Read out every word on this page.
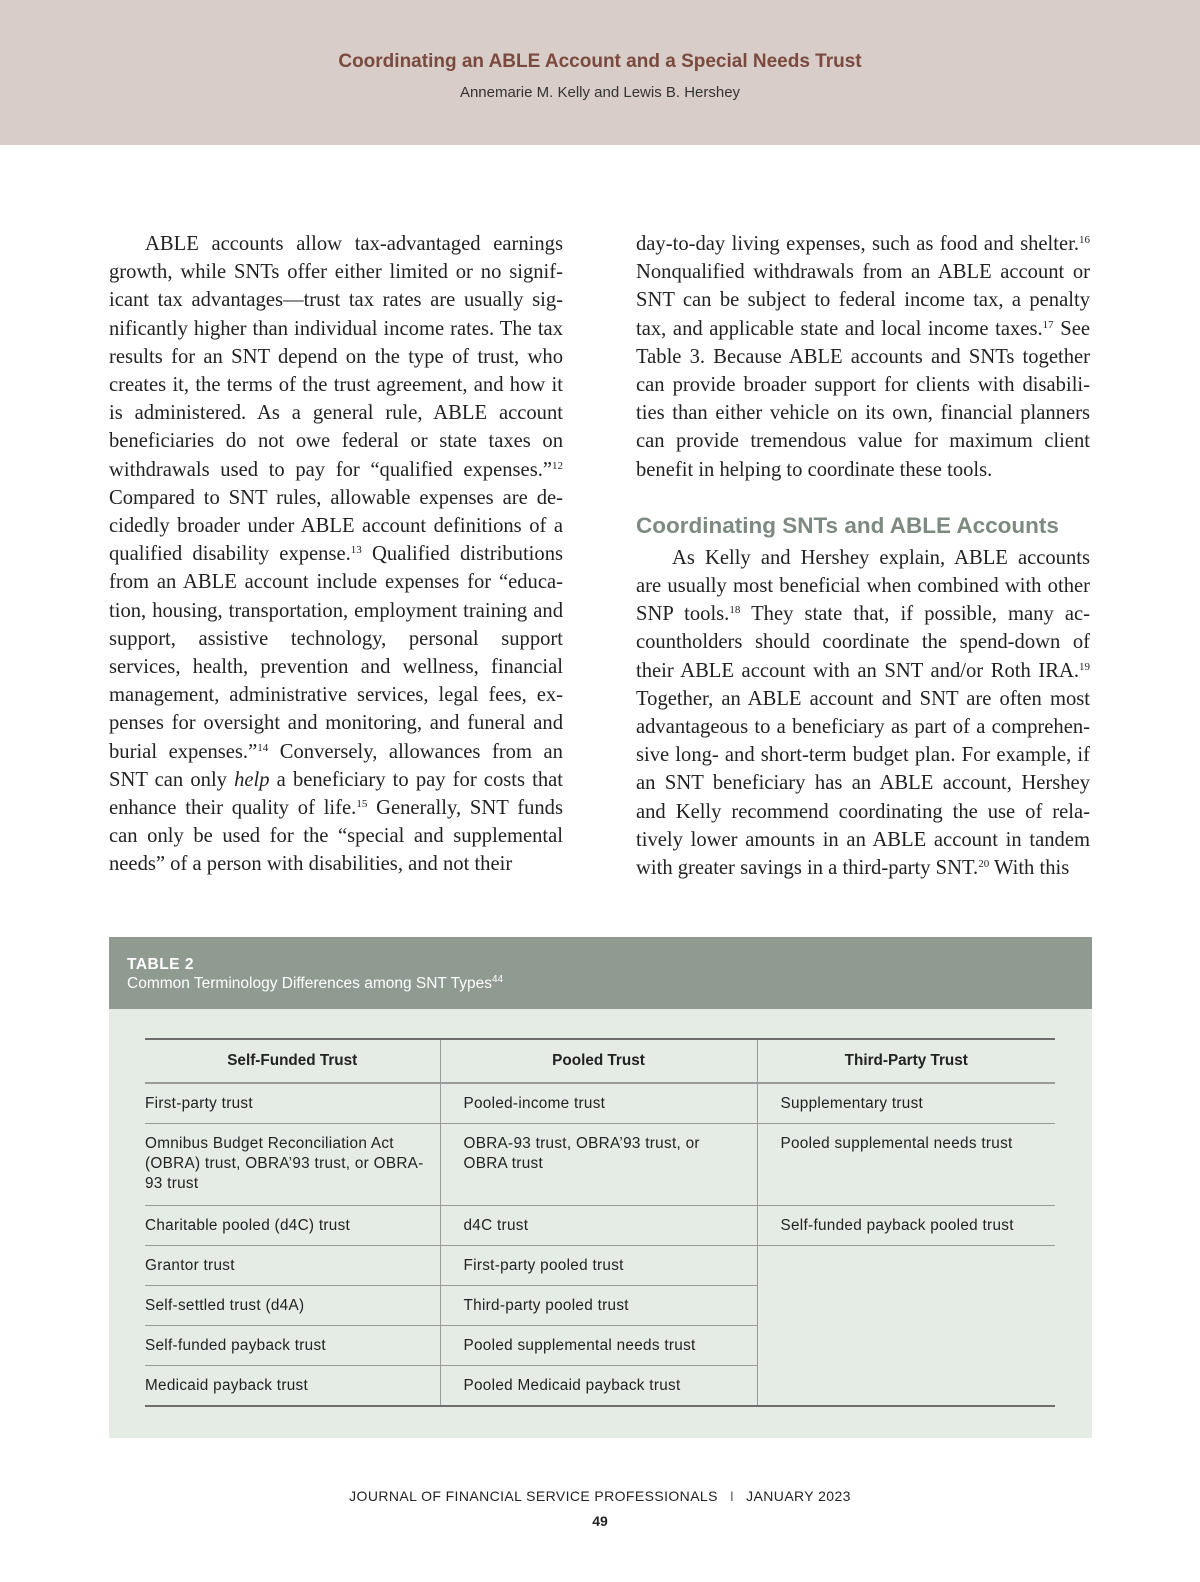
Coordinating an ABLE Account and a Special Needs Trust
Annemarie M. Kelly and Lewis B. Hershey

ABLE accounts allow tax-advantaged earnings growth, while SNTs offer either limited or no significant tax advantages—trust tax rates are usually significantly higher than individual income rates. The tax results for an SNT depend on the type of trust, who creates it, the terms of the trust agreement, and how it is administered. As a general rule, ABLE account beneficiaries do not owe federal or state taxes on withdrawals used to pay for “qualified expenses.”$^{12}$ Compared to SNT rules, allowable expenses are decidedly broader under ABLE account definitions of a qualified disability expense.$^{13}$ Qualified distributions from an ABLE account include expenses for “education, housing, transportation, employment training and support, assistive technology, personal support services, health, prevention and wellness, financial management, administrative services, legal fees, expenses for oversight and monitoring, and funeral and burial expenses.”$^{14}$ Conversely, allowances from an SNT can only help a beneficiary to pay for costs that enhance their quality of life.$^{15}$ Generally, SNT funds can only be used for the “special and supplemental needs” of a person with disabilities, and not their

day-to-day living expenses, such as food and shelter.$^{16}$ Nonqualified withdrawals from an ABLE account or SNT can be subject to federal income tax, a penalty tax, and applicable state and local income taxes.$^{17}$ See Table 3. Because ABLE accounts and SNTs together can provide broader support for clients with disabilities than either vehicle on its own, financial planners can provide tremendous value for maximum client benefit in helping to coordinate these tools.

Coordinating SNTs and ABLE Accounts

As Kelly and Hershey explain, ABLE accounts are usually most beneficial when combined with other SNP tools.$^{18}$ They state that, if possible, many accountholders should coordinate the spend-down of their ABLE account with an SNT and/or Roth IRA.$^{19}$ Together, an ABLE account and SNT are often most advantageous to a beneficiary as part of a comprehensive long- and short-term budget plan. For example, if an SNT beneficiary has an ABLE account, Hershey and Kelly recommend coordinating the use of relatively lower amounts in an ABLE account in tandem with greater savings in a third-party SNT.$^{20}$ With this

TABLE 2
Common Terminology Differences among SNT Types$^{44}$
Self-Funded Trust	Pooled Trust	Third-Party Trust
First-party trust	Pooled-income trust	Supplementary trust
Omnibus Budget Reconciliation Act (OBRA) trust, OBRA’93 trust, or OBRA-93 trust	OBRA-93 trust, OBRA’93 trust, or OBRA trust	Pooled supplemental needs trust
Charitable pooled (d4C) trust	d4C trust	Self-funded payback pooled trust
Grantor trust	First-party pooled trust	
Self-settled trust (d4A)	Third-party pooled trust	
Self-funded payback trust	Pooled supplemental needs trust	
Medicaid payback trust	Pooled Medicaid payback trust	
JOURNAL OF FINANCIAL SERVICE PROFESSIONALS I JANUARY 2023
49
